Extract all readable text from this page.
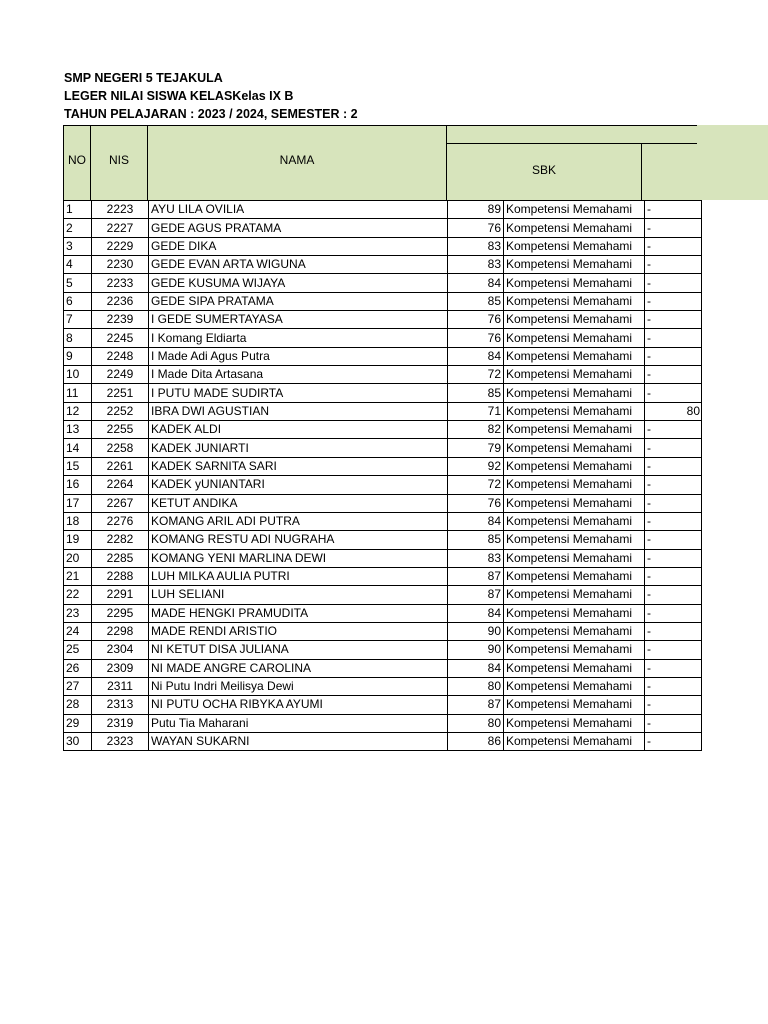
SMP NEGERI 5 TEJAKULA
LEGER NILAI SISWA KELASKelas IX B
TAHUN PELAJARAN : 2023 / 2024, SEMESTER : 2
NO	NIS	NAMA
SBK
1	2223	AYU LILA OVILIA	89	Kompetensi Memahami	-
2	2227	GEDE AGUS PRATAMA	76	Kompetensi Memahami	-
3	2229	GEDE DIKA	83	Kompetensi Memahami	-
4	2230	GEDE EVAN ARTA WIGUNA	83	Kompetensi Memahami	-
5	2233	GEDE KUSUMA WIJAYA	84	Kompetensi Memahami	-
6	2236	GEDE SIPA PRATAMA	85	Kompetensi Memahami	-
7	2239	I GEDE SUMERTAYASA	76	Kompetensi Memahami	-
8	2245	I Komang Eldiarta	76	Kompetensi Memahami	-
9	2248	I Made Adi Agus Putra	84	Kompetensi Memahami	-
10	2249	I Made Dita Artasana	72	Kompetensi Memahami	-
11	2251	I PUTU MADE SUDIRTA	85	Kompetensi Memahami	-
12	2252	IBRA DWI AGUSTIAN	71	Kompetensi Memahami	80
13	2255	KADEK ALDI	82	Kompetensi Memahami	-
14	2258	KADEK JUNIARTI	79	Kompetensi Memahami	-
15	2261	KADEK SARNITA SARI	92	Kompetensi Memahami	-
16	2264	KADEK yUNIANTARI	72	Kompetensi Memahami	-
17	2267	KETUT ANDIKA	76	Kompetensi Memahami	-
18	2276	KOMANG ARIL ADI PUTRA	84	Kompetensi Memahami	-
19	2282	KOMANG RESTU ADI NUGRAHA	85	Kompetensi Memahami	-
20	2285	KOMANG YENI MARLINA DEWI	83	Kompetensi Memahami	-
21	2288	LUH MILKA AULIA PUTRI	87	Kompetensi Memahami	-
22	2291	LUH SELIANI	87	Kompetensi Memahami	-
23	2295	MADE HENGKI PRAMUDITA	84	Kompetensi Memahami	-
24	2298	MADE RENDI ARISTIO	90	Kompetensi Memahami	-
25	2304	NI KETUT DISA JULIANA	90	Kompetensi Memahami	-
26	2309	NI MADE ANGRE CAROLINA	84	Kompetensi Memahami	-
27	2311	Ni Putu Indri Meilisya Dewi	80	Kompetensi Memahami	-
28	2313	NI PUTU OCHA RIBYKA AYUMI	87	Kompetensi Memahami	-
29	2319	Putu Tia Maharani	80	Kompetensi Memahami	-
30	2323	WAYAN SUKARNI	86	Kompetensi Memahami	-
